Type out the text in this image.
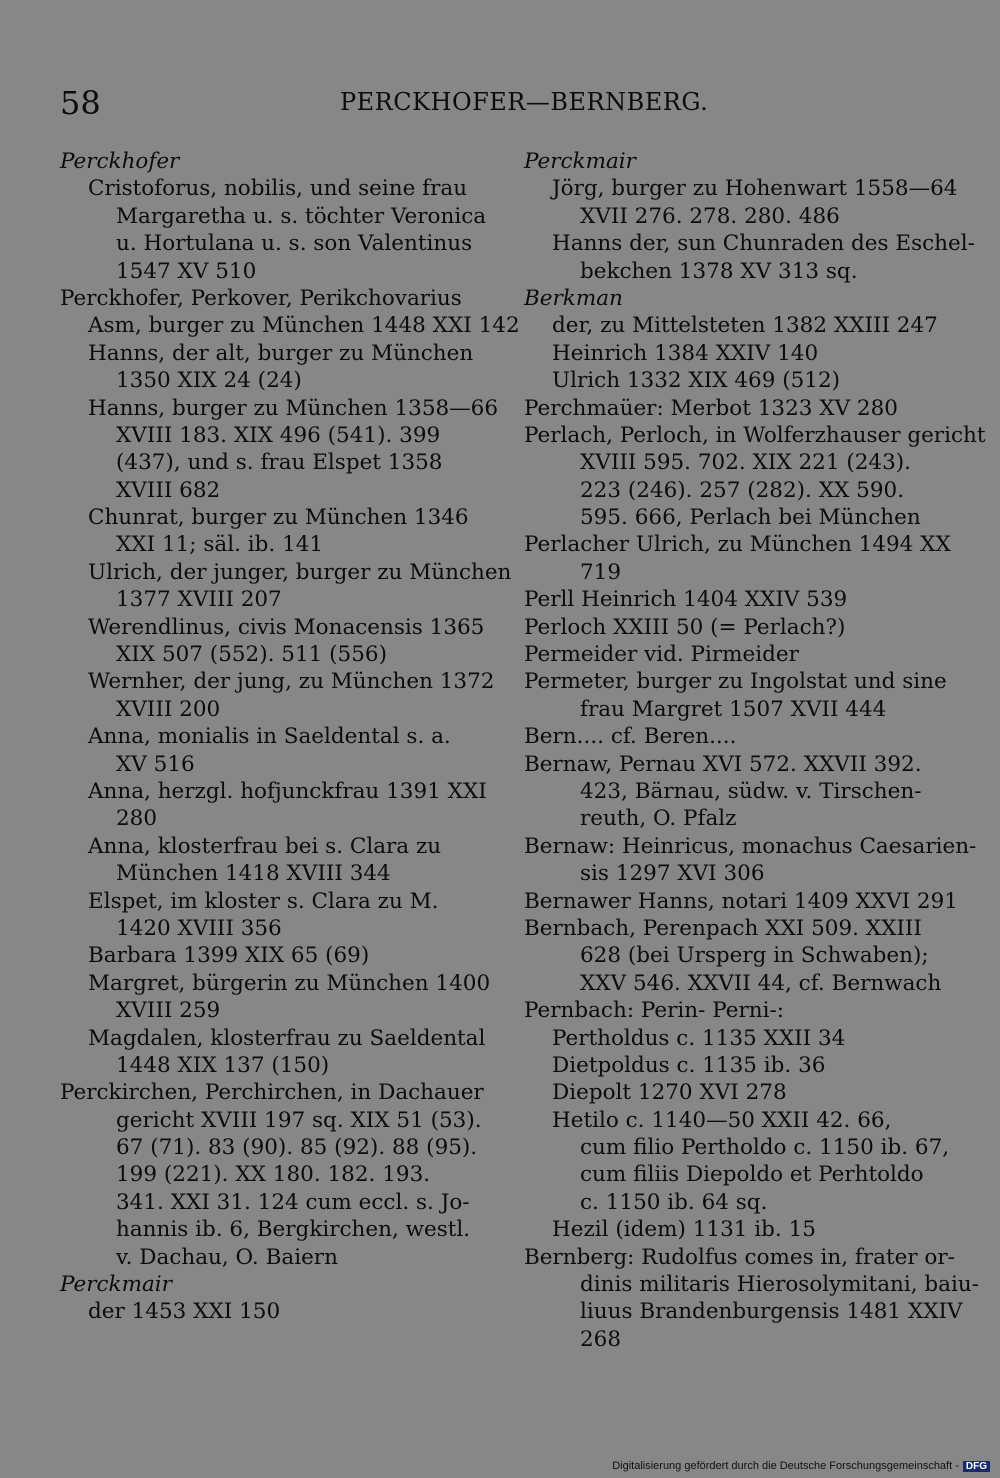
58	PERCKHOFER—BERNBERG.
Perckhofer
Cristoforus, nobilis, und seine frau
Margaretha u. s. töchter Veronica
u. Hortulana u. s. son Valentinus
1547 XV 510
Perckhofer, Perkover, Perikchovarius
Asm, burger zu München 1448 XXI 142
Hanns, der alt, burger zu München
1350 XIX 24 (24)
Hanns, burger zu München 1358—66
XVIII 183. XIX 496 (541). 399
(437), und s. frau Elspet 1358
XVIII 682
Chunrat, burger zu München 1346
XXI 11; säl. ib. 141
Ulrich, der junger, burger zu München
1377 XVIII 207
Werendlinus, civis Monacensis 1365
XIX 507 (552). 511 (556)
Wernher, der jung, zu München 1372
XVIII 200
Anna, monialis in Saeldental s. a.
XV 516
Anna, herzgl. hofjunckfrau 1391 XXI
280
Anna, klosterfrau bei s. Clara zu
München 1418 XVIII 344
Elspet, im kloster s. Clara zu M.
1420 XVIII 356
Barbara 1399 XIX 65 (69)
Margret, bürgerin zu München 1400
XVIII 259
Magdalen, klosterfrau zu Saeldental
1448 XIX 137 (150)
Perckirchen, Perchirchen, in Dachauer
gericht XVIII 197 sq. XIX 51 (53).
67 (71). 83 (90). 85 (92). 88 (95).
199 (221). XX 180. 182. 193.
341. XXI 31. 124 cum eccl. s. Jo-
hannis ib. 6, Bergkirchen, westl.
v. Dachau, O. Baiern
Perckmair
der 1453 XXI 150
Perckmair
Jörg, burger zu Hohenwart 1558—64
XVII 276. 278. 280. 486
Hanns der, sun Chunraden des Eschel-
bekchen 1378 XV 313 sq.
Berkman
der, zu Mittelsteten 1382 XXIII 247
Heinrich 1384 XXIV 140
Ulrich 1332 XIX 469 (512)
Perchmaüer: Merbot 1323 XV 280
Perlach, Perloch, in Wolferzhauser gericht
XVIII 595. 702. XIX 221 (243).
223 (246). 257 (282). XX 590.
595. 666, Perlach bei München
Perlacher Ulrich, zu München 1494 XX
719
Perll Heinrich 1404 XXIV 539
Perloch XXIII 50 (= Perlach?)
Permeider vid. Pirmeider
Permeter, burger zu Ingolstat und sine
frau Margret 1507 XVII 444
Bern.... cf. Beren....
Bernaw, Pernau XVI 572. XXVII 392.
423, Bärnau, südw. v. Tirschen-
reuth, O. Pfalz
Bernaw: Heinricus, monachus Caesarien-
sis 1297 XVI 306
Bernawer Hanns, notari 1409 XXVI 291
Bernbach, Perenpach XXI 509. XXIII
628 (bei Ursperg in Schwaben);
XXV 546. XXVII 44, cf. Bernwach
Pernbach: Perin- Perni-:
Pertholdus c. 1135 XXII 34
Dietpoldus c. 1135 ib. 36
Diepolt 1270 XVI 278
Hetilo c. 1140—50 XXII 42. 66,
cum filio Pertholdo c. 1150 ib. 67,
cum filiis Diepoldo et Perhtoldo
c. 1150 ib. 64 sq.
Hezil (idem) 1131 ib. 15
Bernberg: Rudolfus comes in, frater or-
dinis militaris Hierosolymitani, baiu-
liuus Brandenburgensis 1481 XXIV
268
Digitalisierung gefördert durch die Deutsche Forschungsgemeinschaft - DFG
